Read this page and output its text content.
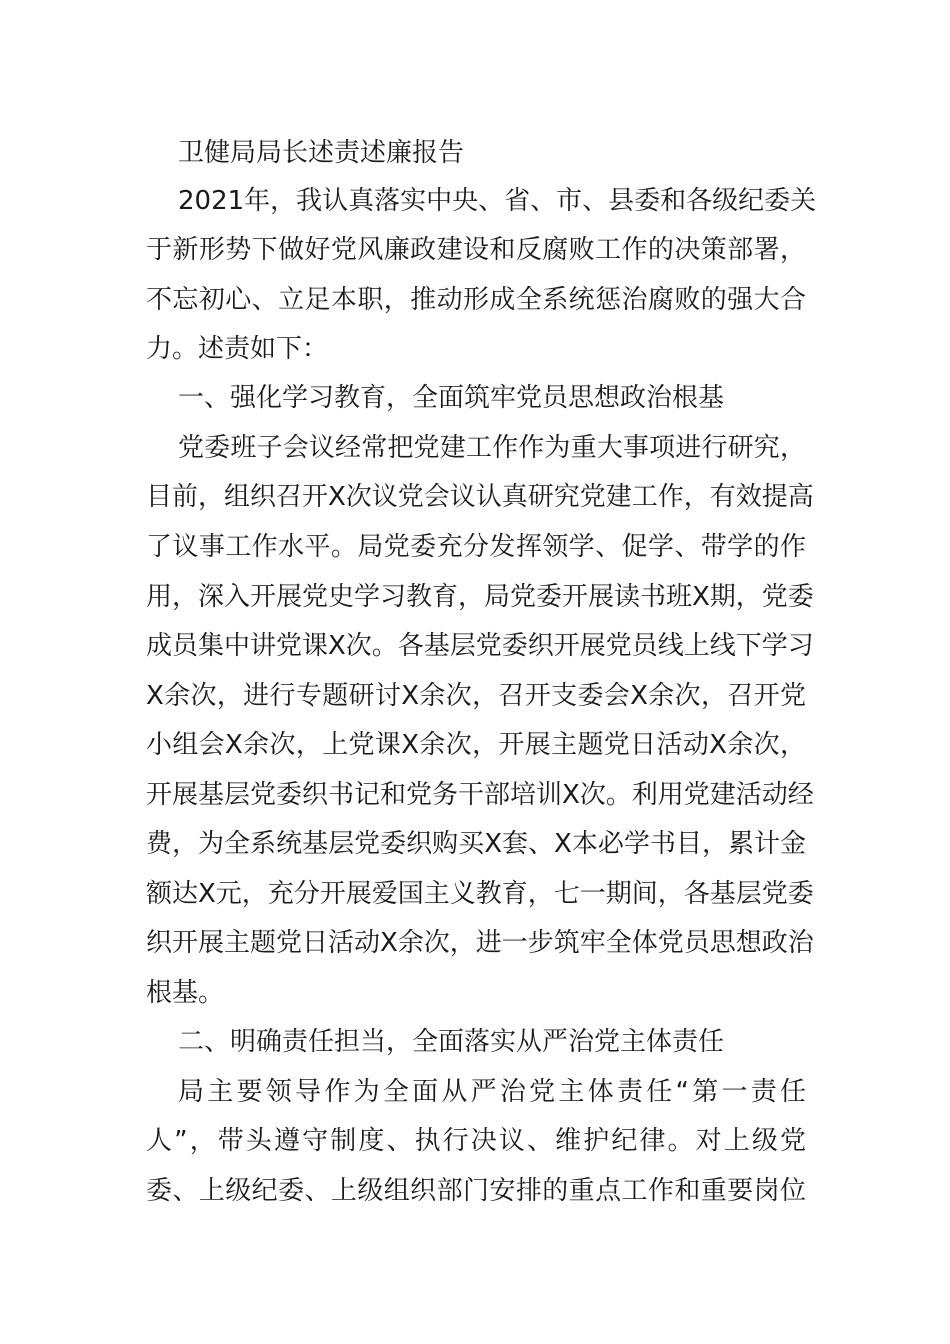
卫健局局长述责述廉报告

2021年，我认真落实中央、省、市、县委和各级纪委关

于新形势下做好党风廉政建设和反腐败工作的决策部署，

不忘初心、立足本职，推动形成全系统惩治腐败的强大合

力。述责如下：

一、强化学习教育，全面筑牢党员思想政治根基

党委班子会议经常把党建工作作为重大事项进行研究，

目前，组织召开X次议党会议认真研究党建工作，有效提高

了议事工作水平。局党委充分发挥领学、促学、带学的作

用，深入开展党史学习教育，局党委开展读书班X期，党委

成员集中讲党课X次。各基层党委织开展党员线上线下学习

X余次，进行专题研讨X余次，召开支委会X余次，召开党

小组会X余次，上党课X余次，开展主题党日活动X余次，

开展基层党委织书记和党务干部培训X次。利用党建活动经

费，为全系统基层党委织购买X套、X本必学书目，累计金

额达X元，充分开展爱国主义教育，七一期间，各基层党委

织开展主题党日活动X余次，进一步筑牢全体党员思想政治

根基。

二、明确责任担当，全面落实从严治党主体责任

局主要领导作为全面从严治党主体责任“第一责任

人”，带头遵守制度、执行决议、维护纪律。对上级党

委、上级纪委、上级组织部门安排的重点工作和重要岗位
